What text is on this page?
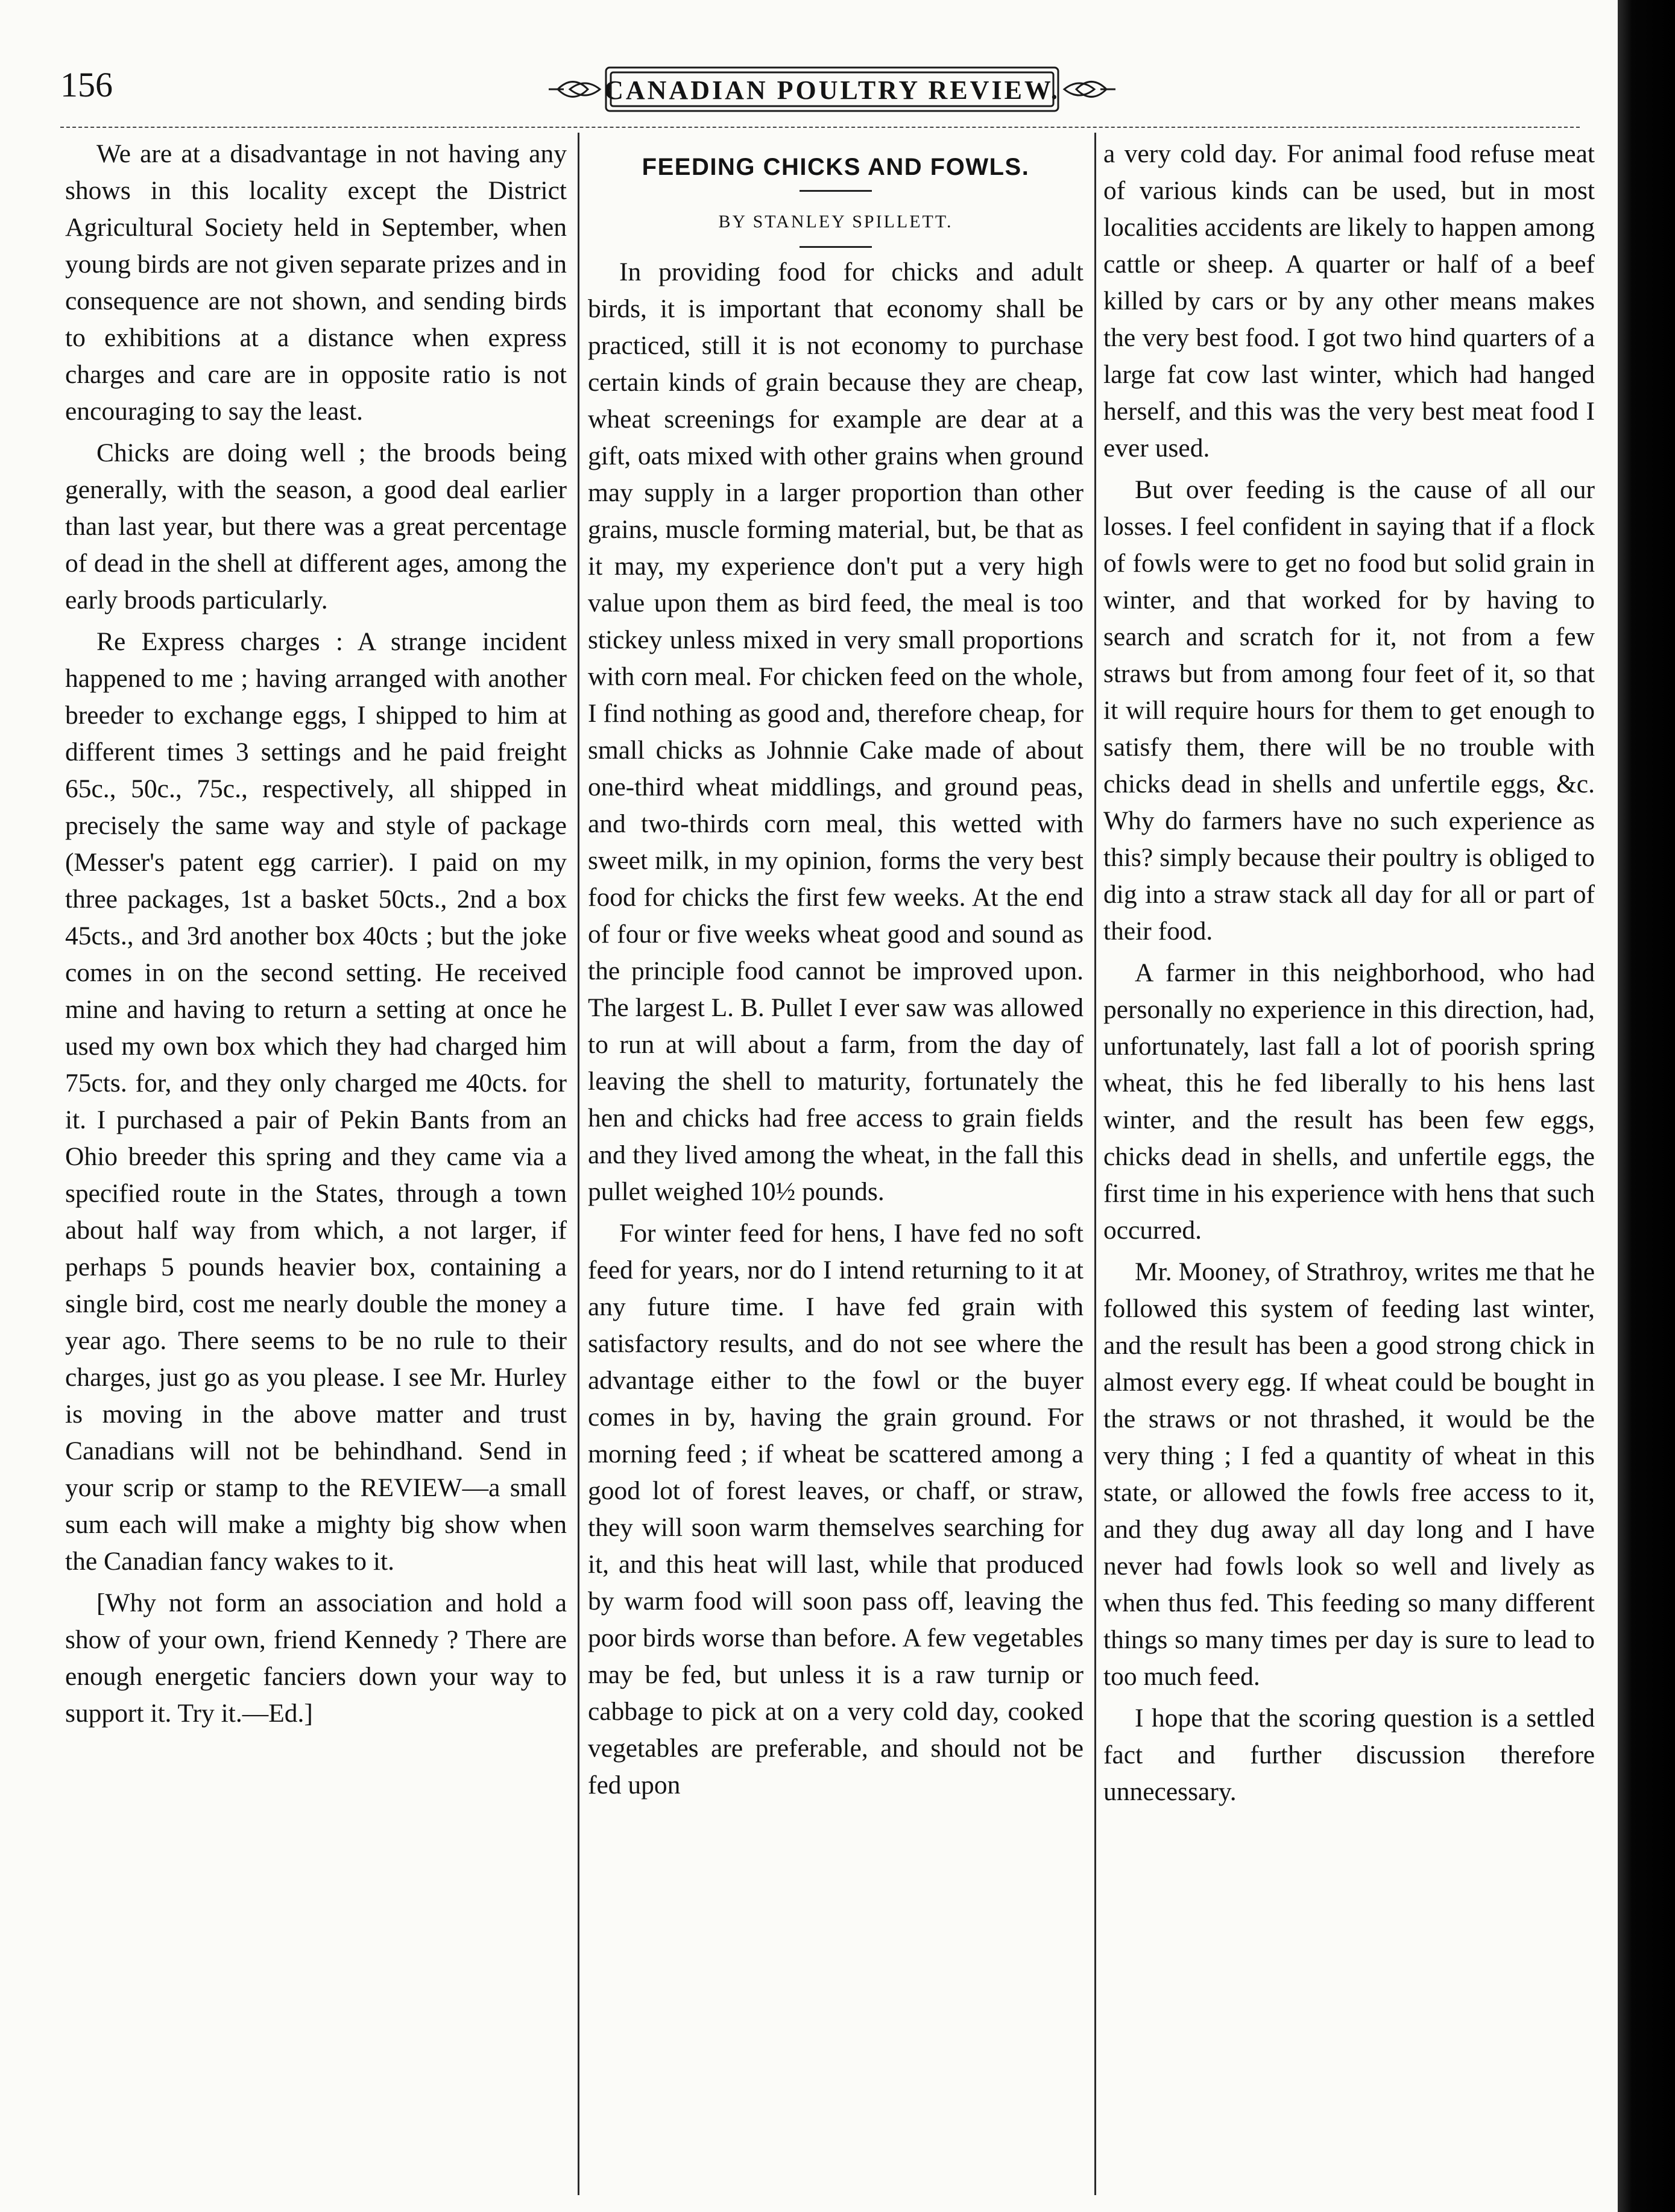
156	CANADIAN POULTRY REVIEW.

We are at a disadvantage in not having any shows in this locality except the District Agricultural Society held in September, when young birds are not given separate prizes and in consequence are not shown, and sending birds to exhibitions at a distance when express charges and care are in opposite ratio is not encouraging to say the least.

Chicks are doing well ; the broods being generally, with the season, a good deal earlier than last year, but there was a great percentage of dead in the shell at different ages, among the early broods particularly.

Re Express charges : A strange incident happened to me ; having arranged with another breeder to exchange eggs, I shipped to him at different times 3 settings and he paid freight 65c., 50c., 75c., respectively, all shipped in precisely the same way and style of package (Messer's patent egg carrier). I paid on my three packages, 1st a basket 50cts., 2nd a box 45cts., and 3rd another box 40cts ; but the joke comes in on the second setting. He received mine and having to return a setting at once he used my own box which they had charged him 75cts. for, and they only charged me 40cts. for it. I purchased a pair of Pekin Bants from an Ohio breeder this spring and they came via a specified route in the States, through a town about half way from which, a not larger, if perhaps 5 pounds heavier box, containing a single bird, cost me nearly double the money a year ago. There seems to be no rule to their charges, just go as you please. I see Mr. Hurley is moving in the above matter and trust Canadians will not be behindhand. Send in your scrip or stamp to the REVIEW—a small sum each will make a mighty big show when the Canadian fancy wakes to it.

[Why not form an association and hold a show of your own, friend Kennedy ? There are enough energetic fanciers down your way to support it. Try it.—Ed.]

FEEDING CHICKS AND FOWLS.
BY STANLEY SPILLETT.

In providing food for chicks and adult birds, it is important that economy shall be practiced, still it is not economy to purchase certain kinds of grain because they are cheap, wheat screenings for example are dear at a gift, oats mixed with other grains when ground may supply in a larger proportion than other grains, muscle forming material, but, be that as it may, my experience don't put a very high value upon them as bird feed, the meal is too stickey unless mixed in very small proportions with corn meal. For chicken feed on the whole, I find nothing as good and, therefore cheap, for small chicks as Johnnie Cake made of about one-third wheat middlings, and ground peas, and two-thirds corn meal, this wetted with sweet milk, in my opinion, forms the very best food for chicks the first few weeks. At the end of four or five weeks wheat good and sound as the principle food cannot be improved upon. The largest L. B. Pullet I ever saw was allowed to run at will about a farm, from the day of leaving the shell to maturity, fortunately the hen and chicks had free access to grain fields and they lived among the wheat, in the fall this pullet weighed 10½ pounds.

For winter feed for hens, I have fed no soft feed for years, nor do I intend returning to it at any future time. I have fed grain with satisfactory results, and do not see where the advantage either to the fowl or the buyer comes in by, having the grain ground. For morning feed ; if wheat be scattered among a good lot of forest leaves, or chaff, or straw, they will soon warm themselves searching for it, and this heat will last, while that produced by warm food will soon pass off, leaving the poor birds worse than before. A few vegetables may be fed, but unless it is a raw turnip or cabbage to pick at on a very cold day, cooked vegetables are preferable, and should not be fed upon

a very cold day. For animal food refuse meat of various kinds can be used, but in most localities accidents are likely to happen among cattle or sheep. A quarter or half of a beef killed by cars or by any other means makes the very best food. I got two hind quarters of a large fat cow last winter, which had hanged herself, and this was the very best meat food I ever used.

But over feeding is the cause of all our losses. I feel confident in saying that if a flock of fowls were to get no food but solid grain in winter, and that worked for by having to search and scratch for it, not from a few straws but from among four feet of it, so that it will require hours for them to get enough to satisfy them, there will be no trouble with chicks dead in shells and unfertile eggs, &c. Why do farmers have no such experience as this? simply because their poultry is obliged to dig into a straw stack all day for all or part of their food.

A farmer in this neighborhood, who had personally no experience in this direction, had, unfortunately, last fall a lot of poorish spring wheat, this he fed liberally to his hens last winter, and the result has been few eggs, chicks dead in shells, and unfertile eggs, the first time in his experience with hens that such occurred.

Mr. Mooney, of Strathroy, writes me that he followed this system of feeding last winter, and the result has been a good strong chick in almost every egg. If wheat could be bought in the straws or not thrashed, it would be the very thing ; I fed a quantity of wheat in this state, or allowed the fowls free access to it, and they dug away all day long and I have never had fowls look so well and lively as when thus fed. This feeding so many different things so many times per day is sure to lead to too much feed.

I hope that the scoring question is a settled fact and further discussion therefore unnecessary.
